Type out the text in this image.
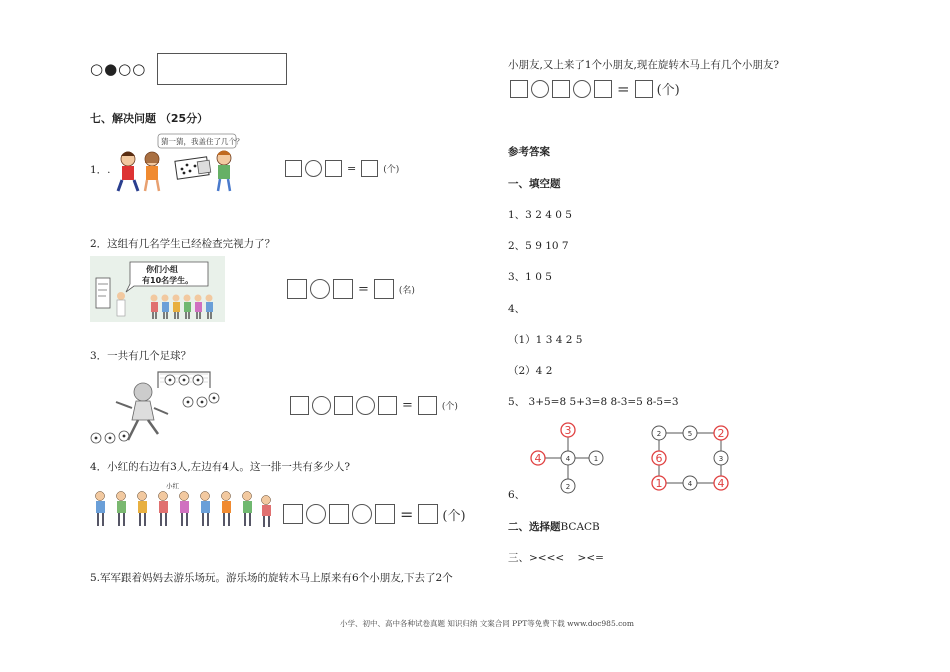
○●○○
七、解决问题 （25分）
1．.
猜一猜，我盖住了几个？
=	(个)
2．这组有几名学生已经检查完视力了？
你们小组
有10名学生。
=	(名)
3．一共有几个足球？
=	(个)
4．小红的右边有3人,左边有4人。这一排一共有多少人?
小红
= (个)
5.军军跟着妈妈去游乐场玩。游乐场的旋转木马上原来有6个小朋友,下去了2个
小朋友,又上来了1个小朋友,现在旋转木马上有几个小朋友?
= (个)
参考答案
一、填空题
1、3 2 4 0 5
2、5 9 10 7
3、1 0 5
4、
（1）1 3 4 2 5
（2）4 2
5、 3+5=8 5+3=8 8-3=5 8-5=3
3
4	4	1
2
2	5 2
6	3
1	4 4
6、
二、选择题BCACB
三、><<<    ><=
小学、初中、高中各种试卷真题 知识归纳 文案合同 PPT等免费下载 www.doc985.com
